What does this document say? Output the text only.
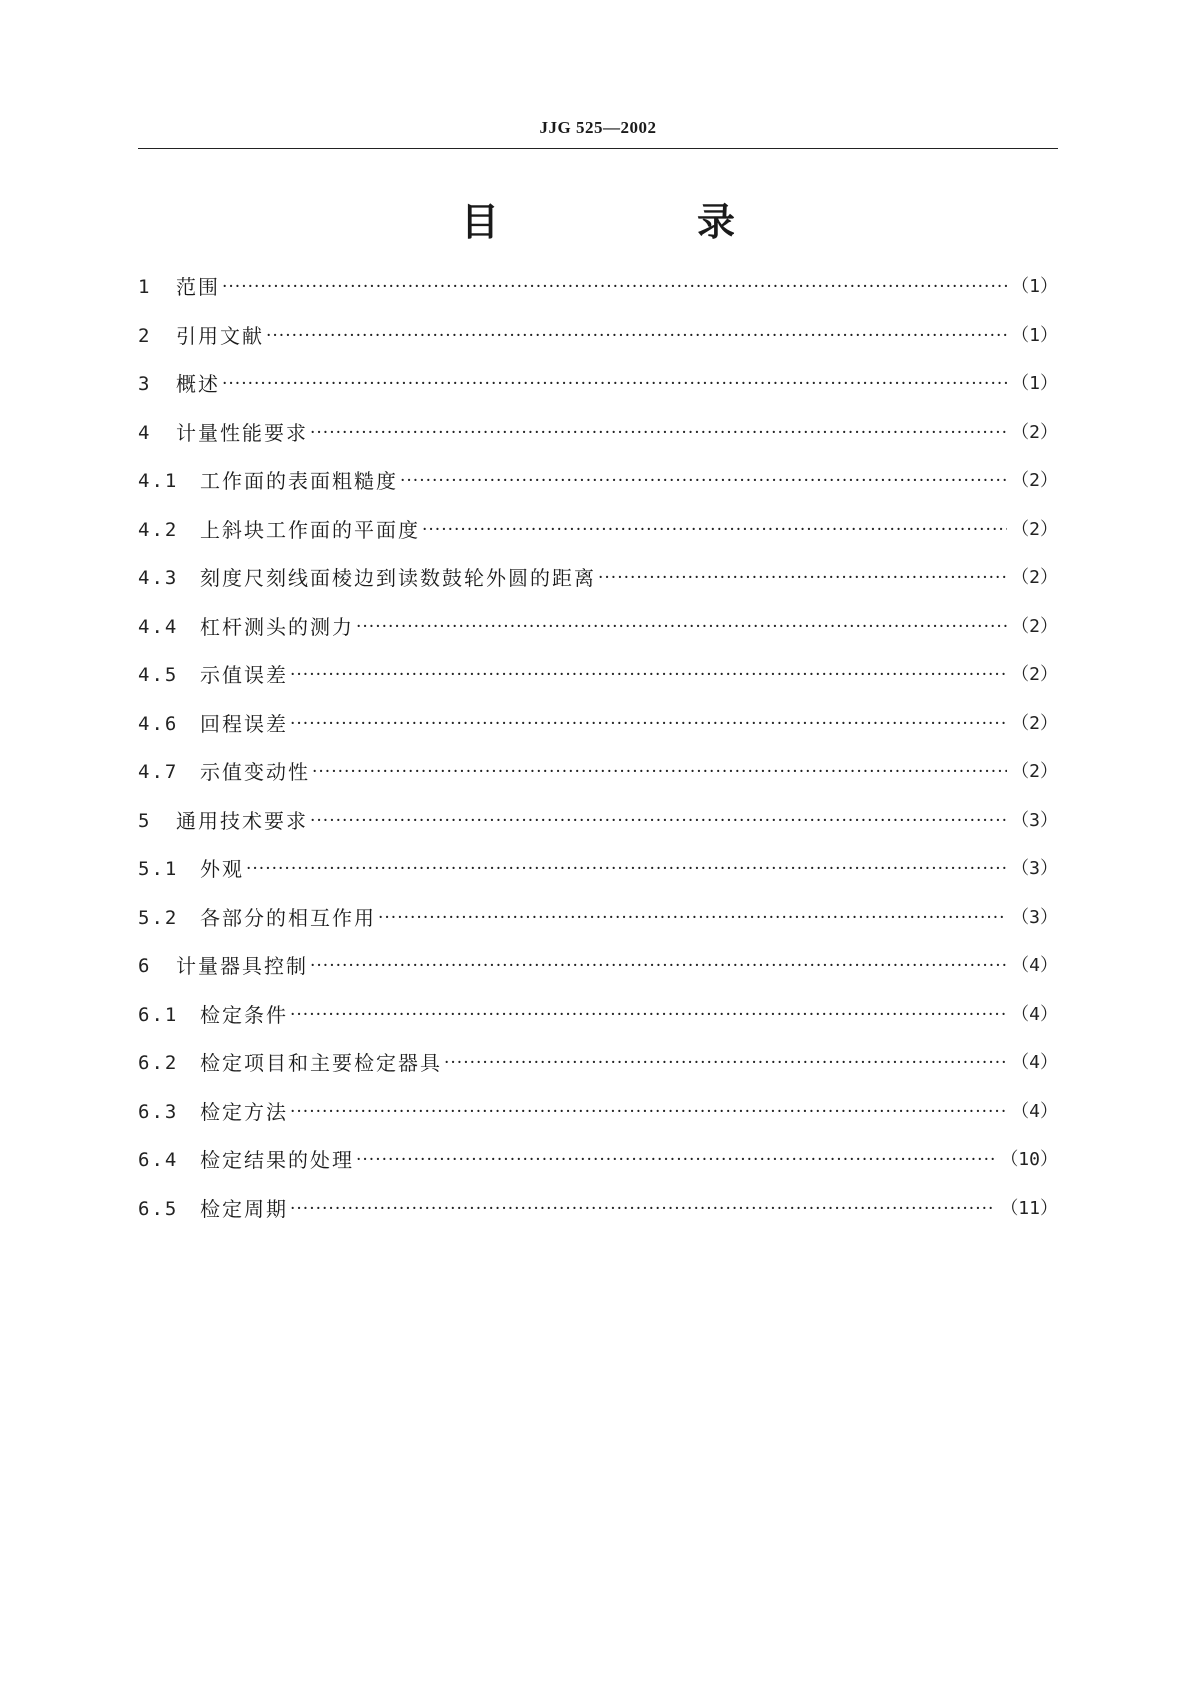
JJG 525—2002
目　录
1	范围 ·····	（1）
2	引用文献 ·····	（1）
3	概述 ·····	（1）
4	计量性能要求 ·····	（2）
4.1	工作面的表面粗糙度 ·····	（2）
4.2	上斜块工作面的平面度 ·····	（2）
4.3	刻度尺刻线面棱边到读数鼓轮外圆的距离 ·····	（2）
4.4	杠杆测头的测力 ·····	（2）
4.5	示值误差 ·····	（2）
4.6	回程误差 ·····	（2）
4.7	示值变动性 ·····	（2）
5	通用技术要求 ·····	（3）
5.1	外观 ·····	（3）
5.2	各部分的相互作用 ·····	（3）
6	计量器具控制 ·····	（4）
6.1	检定条件 ·····	（4）
6.2	检定项目和主要检定器具 ·····	（4）
6.3	检定方法 ·····	（4）
6.4	检定结果的处理 ·····	（10）
6.5	检定周期 ·····	（11）
